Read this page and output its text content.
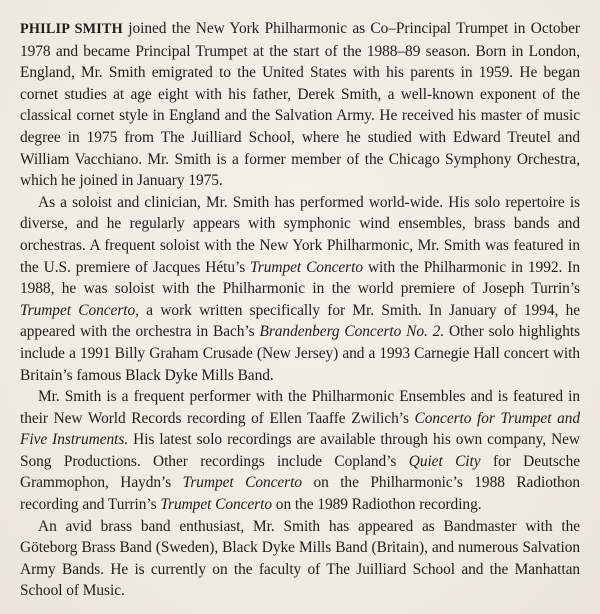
PHILIP SMITH joined the New York Philharmonic as Co–Principal Trumpet in October 1978 and became Principal Trumpet at the start of the 1988–89 season. Born in London, England, Mr. Smith emigrated to the United States with his parents in 1959. He began cornet studies at age eight with his father, Derek Smith, a well-known exponent of the classical cornet style in England and the Salvation Army. He received his master of music degree in 1975 from The Juilliard School, where he studied with Edward Treutel and William Vacchiano. Mr. Smith is a former member of the Chicago Symphony Orchestra, which he joined in January 1975.

As a soloist and clinician, Mr. Smith has performed world-wide. His solo repertoire is diverse, and he regularly appears with symphonic wind ensembles, brass bands and orchestras. A frequent soloist with the New York Philharmonic, Mr. Smith was featured in the U.S. premiere of Jacques Hétu’s Trumpet Concerto with the Philharmonic in 1992. In 1988, he was soloist with the Philharmonic in the world premiere of Joseph Turrin’s Trumpet Concerto, a work written specifically for Mr. Smith. In January of 1994, he appeared with the orchestra in Bach’s Brandenberg Concerto No. 2. Other solo highlights include a 1991 Billy Graham Crusade (New Jersey) and a 1993 Carnegie Hall concert with Britain’s famous Black Dyke Mills Band.

Mr. Smith is a frequent performer with the Philharmonic Ensembles and is featured in their New World Records recording of Ellen Taaffe Zwilich’s Concerto for Trumpet and Five Instruments. His latest solo recordings are available through his own company, New Song Productions. Other recordings include Copland’s Quiet City for Deutsche Grammophon, Haydn’s Trumpet Concerto on the Philharmonic’s 1988 Radiothon recording and Turrin’s Trumpet Concerto on the 1989 Radiothon recording.

An avid brass band enthusiast, Mr. Smith has appeared as Bandmaster with the Göteborg Brass Band (Sweden), Black Dyke Mills Band (Britain), and numerous Salvation Army Bands. He is currently on the faculty of The Juilliard School and the Manhattan School of Music.
